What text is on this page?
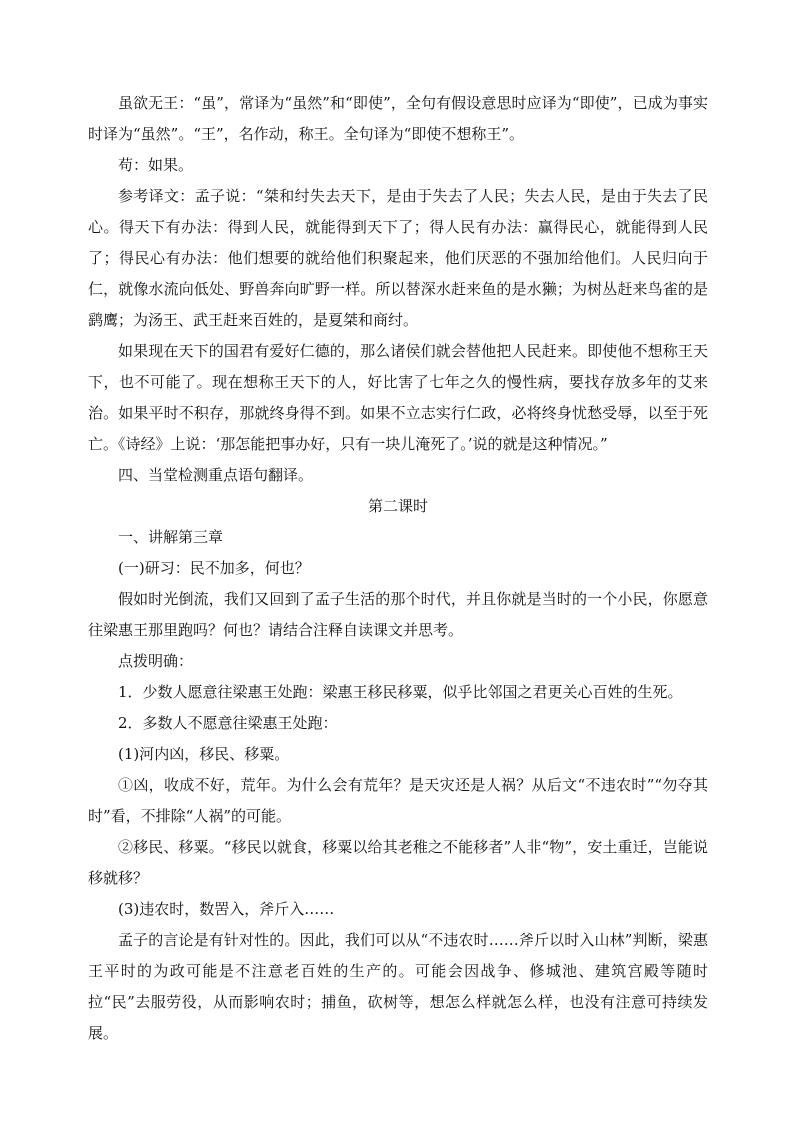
虽欲无王：“虽”，常译为“虽然”和“即使”，全句有假设意思时应译为“即使”，已成为事实时译为“虽然”。“王”，名作动，称王。全句译为“即使不想称王”。

苟：如果。

参考译文：孟子说：“桀和纣失去天下，是由于失去了人民；失去人民，是由于失去了民心。得天下有办法：得到人民，就能得到天下了；得人民有办法：赢得民心，就能得到人民了；得民心有办法：他们想要的就给他们积聚起来，他们厌恶的不强加给他们。人民归向于仁，就像水流向低处、野兽奔向旷野一样。所以替深水赶来鱼的是水獭；为树丛赶来鸟雀的是鹞鹰；为汤王、武王赶来百姓的，是夏桀和商纣。

如果现在天下的国君有爱好仁德的，那么诸侯们就会替他把人民赶来。即使他不想称王天下，也不可能了。现在想称王天下的人，好比害了七年之久的慢性病，要找存放多年的艾来治。如果平时不积存，那就终身得不到。如果不立志实行仁政，必将终身忧愁受辱，以至于死亡。《诗经》上说：‘那怎能把事办好，只有一块儿淹死了。’说的就是这种情况。”

四、当堂检测重点语句翻译。

第二课时

一、讲解第三章

(一)研习：民不加多，何也？

假如时光倒流，我们又回到了孟子生活的那个时代，并且你就是当时的一个小民，你愿意往梁惠王那里跑吗？何也？请结合注释自读课文并思考。

点拨明确：

1．少数人愿意往梁惠王处跑：梁惠王移民移粟，似乎比邻国之君更关心百姓的生死。

2．多数人不愿意往梁惠王处跑：

(1)河内凶，移民、移粟。

①凶，收成不好，荒年。为什么会有荒年？是天灾还是人祸？从后文“不违农时”“勿夺其时”看，不排除“人祸”的可能。

②移民、移粟。“移民以就食，移粟以给其老稚之不能移者”人非“物”，安土重迁，岂能说移就移？

(3)违农时，数罟入，斧斤入……

孟子的言论是有针对性的。因此，我们可以从“不违农时……斧斤以时入山林”判断，梁惠王平时的为政可能是不注意老百姓的生产的。可能会因战争、修城池、建筑宫殿等随时拉“民”去服劳役，从而影响农时；捕鱼，砍树等，想怎么样就怎么样，也没有注意可持续发展。
